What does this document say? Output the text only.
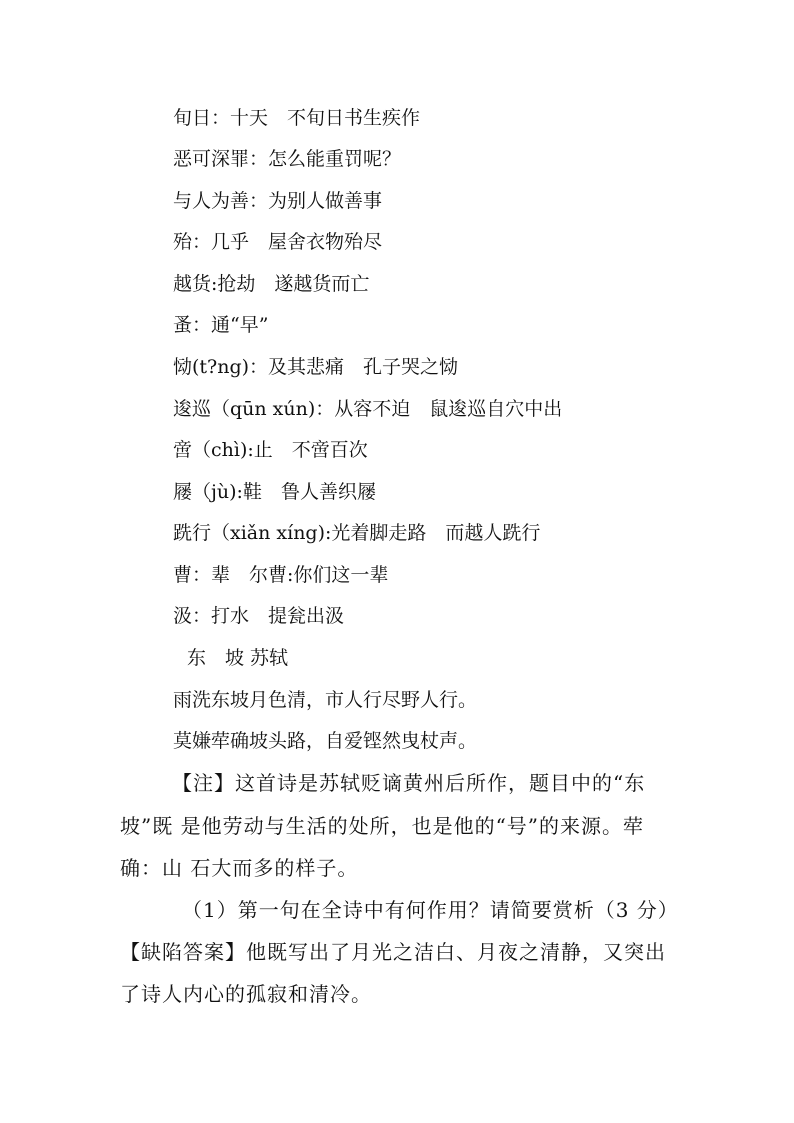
旬日：十天　不旬日书生疾作
恶可深罪：怎么能重罚呢？
与人为善：为别人做善事
殆：几乎　屋舍衣物殆尽
越货:抢劫　遂越货而亡
蚤：通“早”
恸(t?ng)：及其悲痛　孔子哭之恸
逡巡（qūn xún)：从容不迫　鼠逡巡自穴中出
啻（chì):止　不啻百次
屦（jù):鞋　鲁人善织屦
跣行（xiǎn xíng):光着脚走路　而越人跣行
曹：辈　尔曹:你们这一辈
汲：打水　提瓮出汲
东　坡 苏轼
雨洗东坡月色清，市人行尽野人行。
莫嫌荦确坡头路，自爱铿然曳杖声。
【注】这首诗是苏轼贬谪黄州后所作，题目中的“东
坡”既 是他劳动与生活的处所，也是他的“号”的来源。荦
确：山 石大而多的样子。
（1）第一句在全诗中有何作用？请简要赏析（3 分）
【缺陷答案】他既写出了月光之洁白、月夜之清静，又突出
了诗人内心的孤寂和清冷。
